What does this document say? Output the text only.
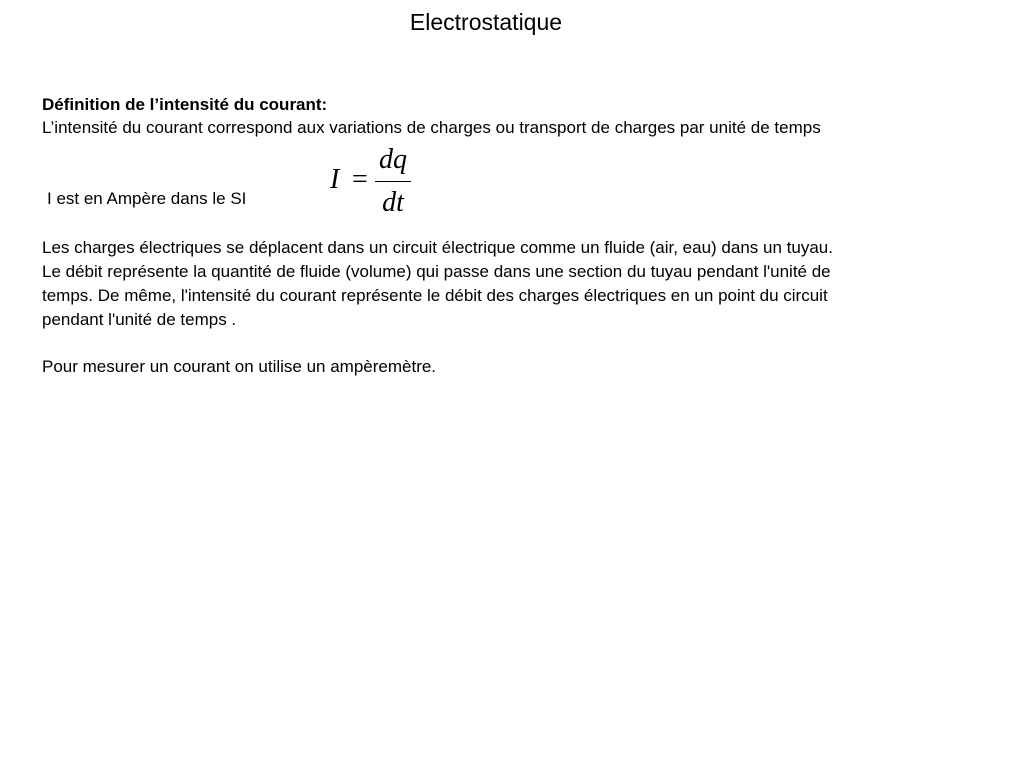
Electrostatique
Définition de l’intensité du courant:
L’intensité du courant correspond aux variations de charges ou transport de charges par unité de temps
I est en Ampère dans le SI
I =
dq
dt
Les charges électriques se déplacent dans un circuit électrique comme un fluide (air, eau) dans un tuyau.
Le débit représente la quantité de fluide (volume) qui passe dans une section du tuyau pendant l'unité de
temps. De même, l'intensité du courant représente le débit des charges électriques en un point du circuit
pendant l'unité de temps .
Pour mesurer un courant on utilise un ampèremètre.
